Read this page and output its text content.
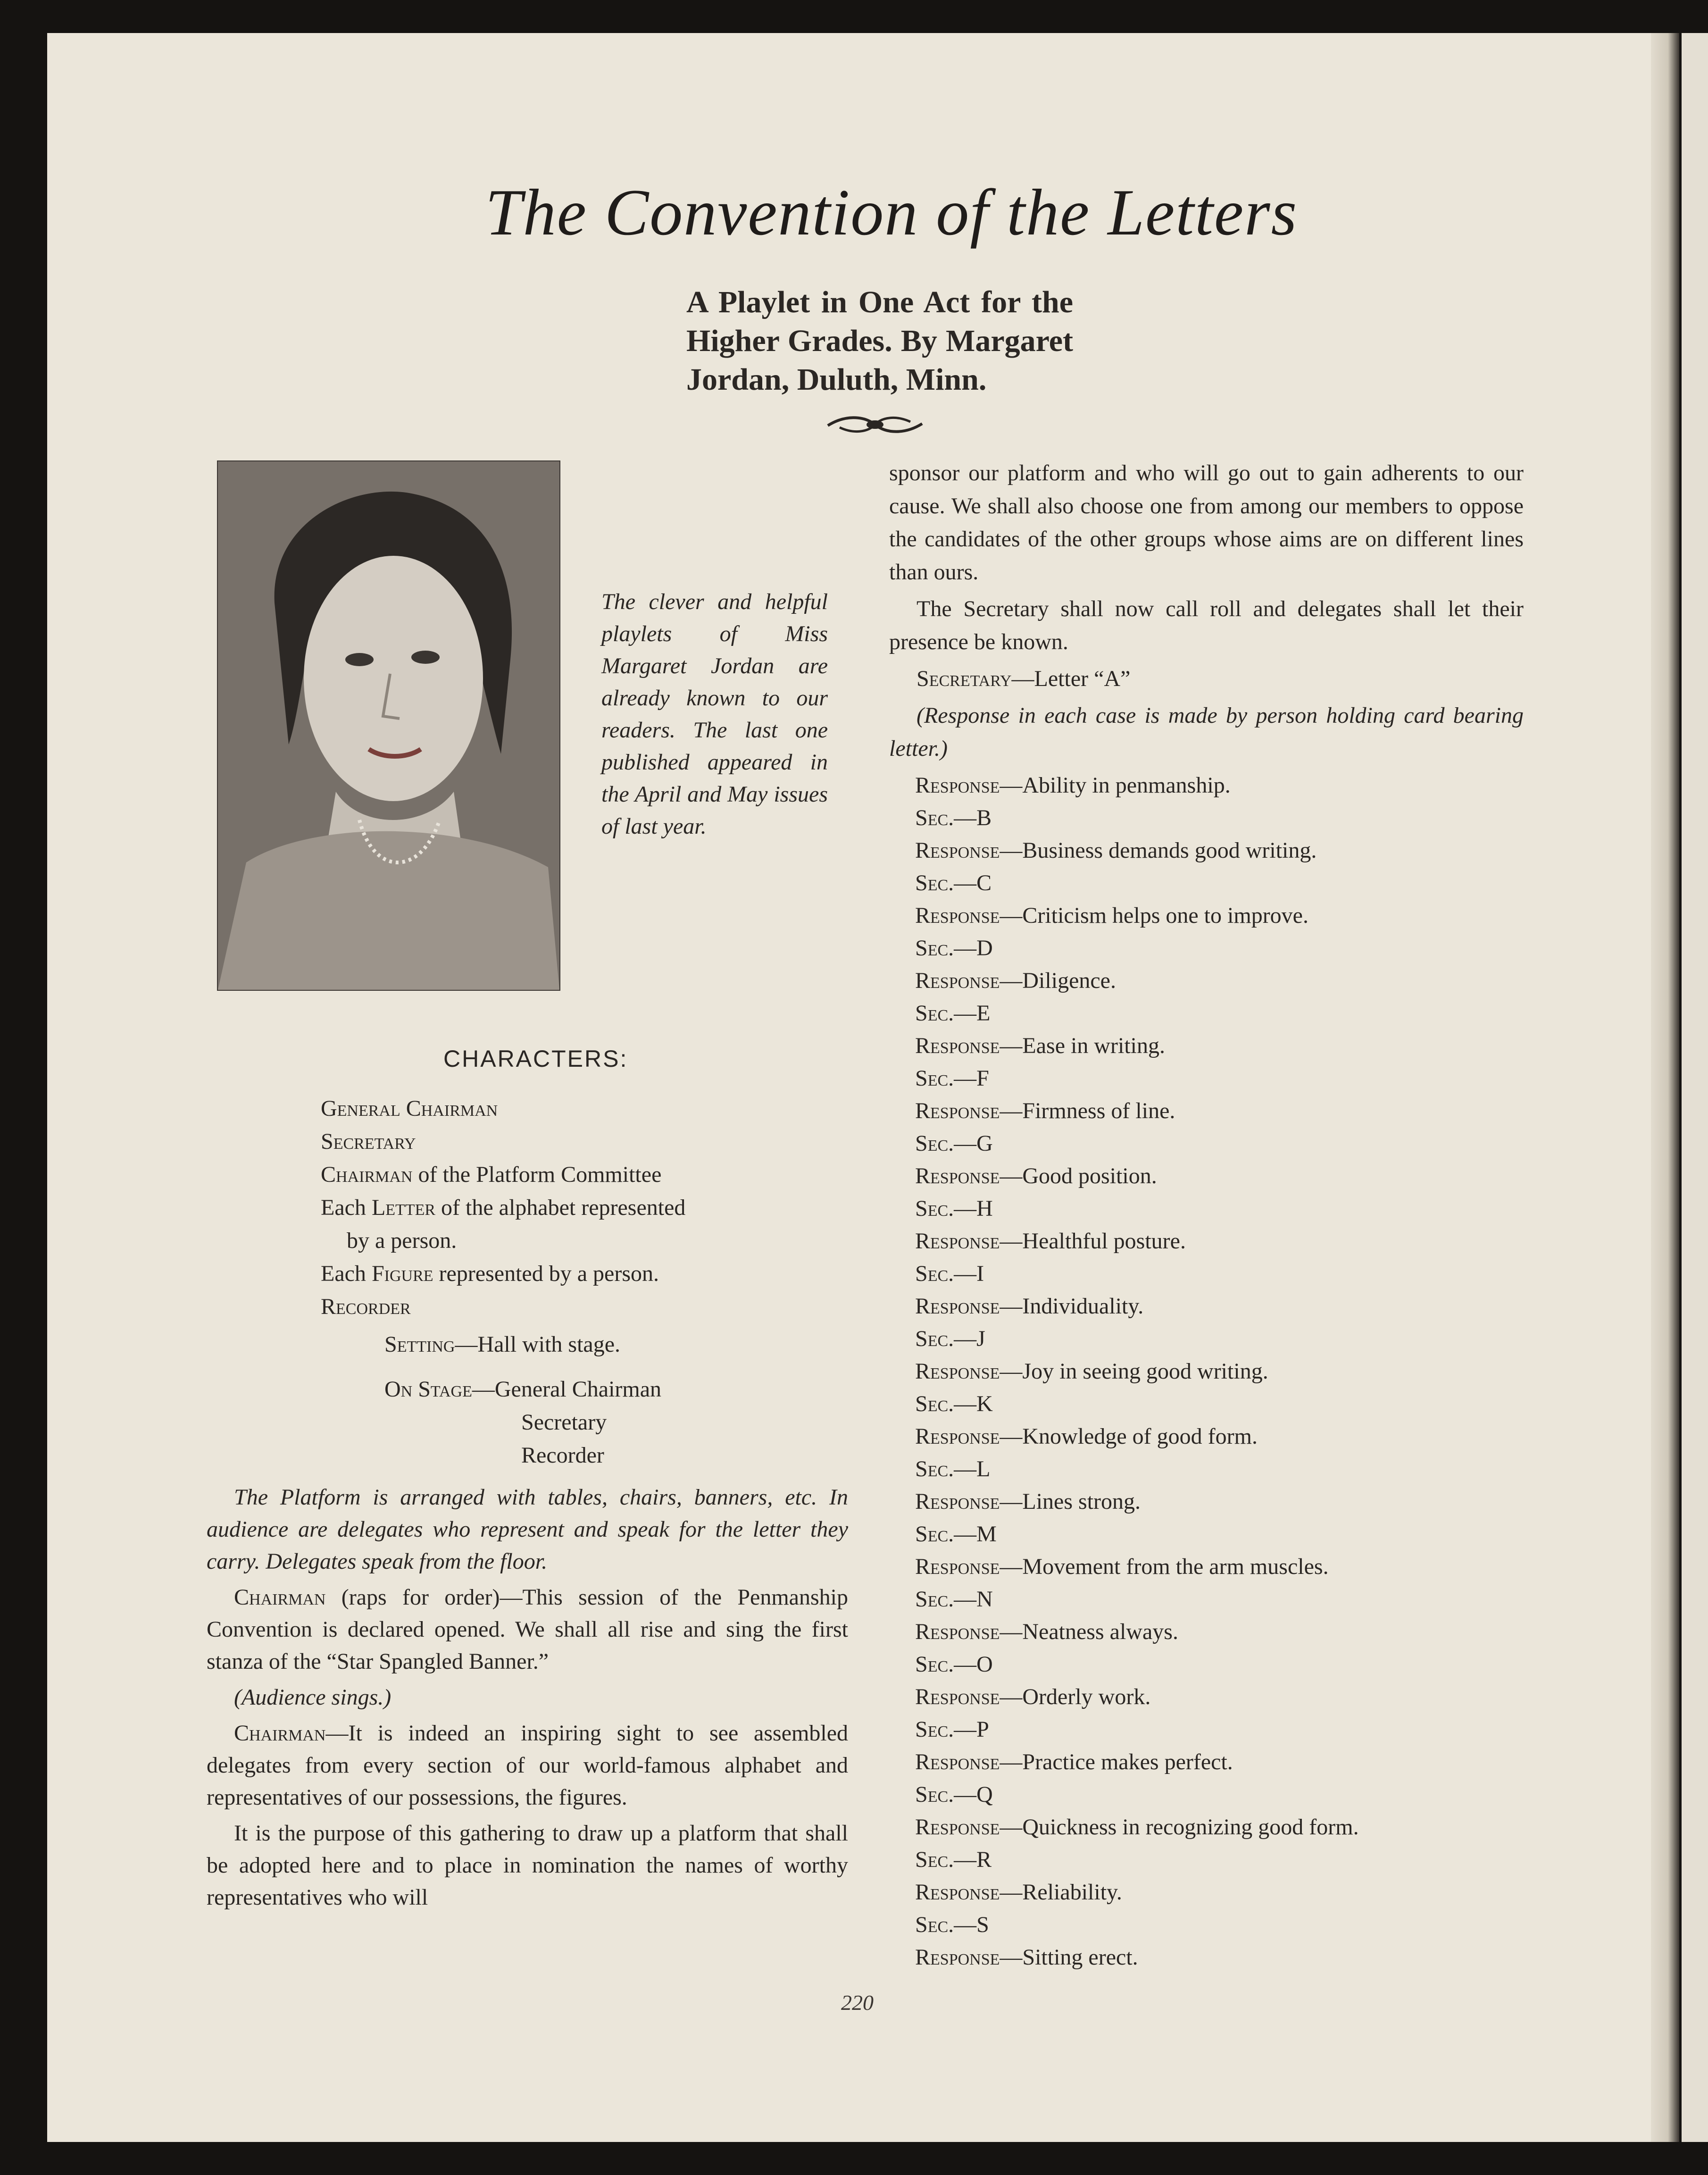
The Convention of the Letters
A Playlet in One Act for the Higher Grades. By Margaret Jordan, Duluth, Minn.
The clever and helpful playlets of Miss Margaret Jordan are already known to our readers. The last one published appeared in the April and May issues of last year.
CHARACTERS:
General Chairman
Secretary
Chairman of the Platform Committee
Each Letter of the alphabet represented
by a person.
Each Figure represented by a person.
Recorder
Setting—Hall with stage.
On Stage—General Chairman
Secretary
Recorder

The Platform is arranged with tables, chairs, banners, etc. In audience are delegates who represent and speak for the letter they carry. Delegates speak from the floor.

Chairman (raps for order)—This session of the Penmanship Convention is declared opened. We shall all rise and sing the first stanza of the “Star Spangled Banner.”

(Audience sings.)

Chairman—It is indeed an inspiring sight to see assembled delegates from every section of our world-famous alphabet and representatives of our possessions, the figures.

It is the purpose of this gathering to draw up a platform that shall be adopted here and to place in nomination the names of worthy representatives who will

sponsor our platform and who will go out to gain adherents to our cause. We shall also choose one from among our members to oppose the candidates of the other groups whose aims are on different lines than ours.

The Secretary shall now call roll and delegates shall let their presence be known.

Secretary—Letter “A”

(Response in each case is made by person holding card bearing letter.)

Response—Ability in penmanship.
Sec.—B
Response—Business demands good writing.
Sec.—C
Response—Criticism helps one to improve.
Sec.—D
Response—Diligence.
Sec.—E
Response—Ease in writing.
Sec.—F
Response—Firmness of line.
Sec.—G
Response—Good position.
Sec.—H
Response—Healthful posture.
Sec.—I
Response—Individuality.
Sec.—J
Response—Joy in seeing good writing.
Sec.—K
Response—Knowledge of good form.
Sec.—L
Response—Lines strong.
Sec.—M
Response—Movement from the arm muscles.
Sec.—N
Response—Neatness always.
Sec.—O
Response—Orderly work.
Sec.—P
Response—Practice makes perfect.
Sec.—Q
Response—Quickness in recognizing good form.
Sec.—R
Response—Reliability.
Sec.—S
Response—Sitting erect.
220
